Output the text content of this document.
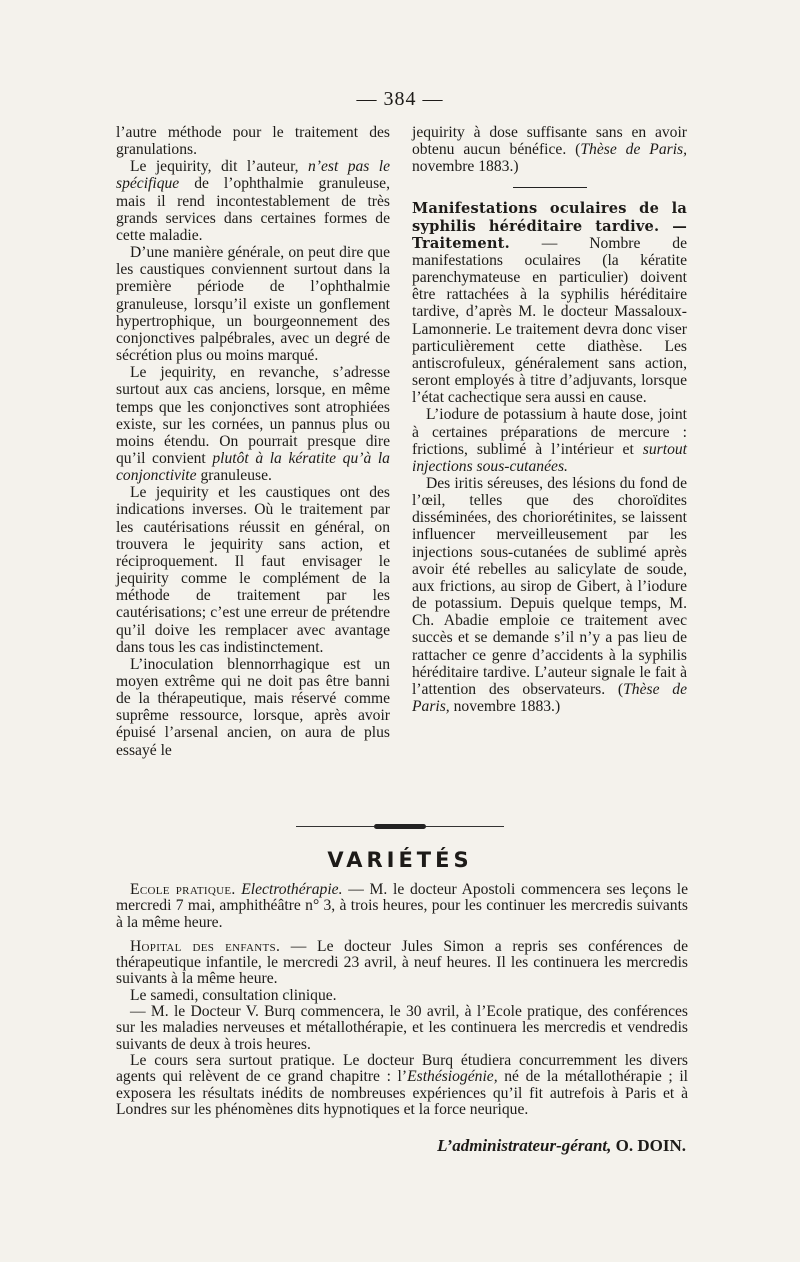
— 384 —

l’autre méthode pour le traitement des granulations.

Le jequirity, dit l’auteur, n’est pas le spécifique de l’ophthalmie granuleuse, mais il rend incontestablement de très grands services dans certaines formes de cette maladie.

D’une manière générale, on peut dire que les caustiques conviennent surtout dans la première période de l’ophthalmie granuleuse, lorsqu’il existe un gonflement hypertrophique, un bourgeonnement des conjonctives palpébrales, avec un degré de sécrétion plus ou moins marqué.

Le jequirity, en revanche, s’adresse surtout aux cas anciens, lorsque, en même temps que les conjonctives sont atrophiées existe, sur les cornées, un pannus plus ou moins étendu. On pourrait presque dire qu’il convient plutôt à la kératite qu’à la conjonctivite granuleuse.

Le jequirity et les caustiques ont des indications inverses. Où le traitement par les cautérisations réussit en général, on trouvera le jequirity sans action, et réciproquement. Il faut envisager le jequirity comme le complément de la méthode de traitement par les cautérisations; c’est une erreur de prétendre qu’il doive les remplacer avec avantage dans tous les cas indistinctement.

L’inoculation blennorrhagique est un moyen extrême qui ne doit pas être banni de la thérapeutique, mais réservé comme suprême ressource, lorsque, après avoir épuisé l’arsenal ancien, on aura de plus essayé le

jequirity à dose suffisante sans en avoir obtenu aucun bénéfice. (Thèse de Paris, novembre 1883.)

Manifestations oculaires de la syphilis héréditaire tardive. — Traitement. — Nombre de manifestations oculaires (la kératite parenchymateuse en particulier) doivent être rattachées à la syphilis héréditaire tardive, d’après M. le docteur Massaloux-Lamonnerie. Le traitement devra donc viser particulièrement cette diathèse. Les antiscrofuleux, généralement sans action, seront employés à titre d’adjuvants, lorsque l’état cachectique sera aussi en cause.

L’iodure de potassium à haute dose, joint à certaines préparations de mercure : frictions, sublimé à l’intérieur et surtout injections sous-cutanées.

Des iritis séreuses, des lésions du fond de l’œil, telles que des choroïdites disséminées, des choriorétinites, se laissent influencer merveilleusement par les injections sous-cutanées de sublimé après avoir été rebelles au salicylate de soude, aux frictions, au sirop de Gibert, à l’iodure de potassium. Depuis quelque temps, M. Ch. Abadie emploie ce traitement avec succès et se demande s’il n’y a pas lieu de rattacher ce genre d’accidents à la syphilis héréditaire tardive. L’auteur signale le fait à l’attention des observateurs. (Thèse de Paris, novembre 1883.)

VARIÉTÉS

Ecole pratique. Electrothérapie. — M. le docteur Apostoli commencera ses leçons le mercredi 7 mai, amphithéâtre n° 3, à trois heures, pour les continuer les mercredis suivants à la même heure.

Hopital des enfants. — Le docteur Jules Simon a repris ses conférences de thérapeutique infantile, le mercredi 23 avril, à neuf heures. Il les continuera les mercredis suivants à la même heure.

Le samedi, consultation clinique.

— M. le Docteur V. Burq commencera, le 30 avril, à l’Ecole pratique, des conférences sur les maladies nerveuses et métallothérapie, et les continuera les mercredis et vendredis suivants de deux à trois heures.

Le cours sera surtout pratique. Le docteur Burq étudiera concurremment les divers agents qui relèvent de ce grand chapitre : l’Esthésiogénie, né de la métallothérapie ; il exposera les résultats inédits de nombreuses expériences qu’il fit autrefois à Paris et à Londres sur les phénomènes dits hypnotiques et la force neurique.

L’administrateur-gérant, O. DOIN.
